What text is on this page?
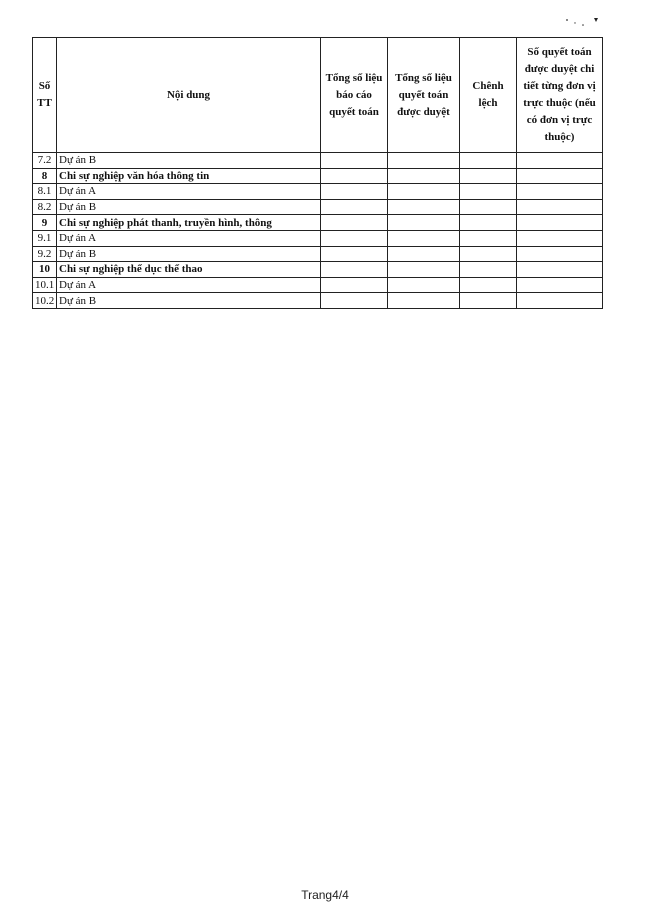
Số TT	Nội dung	Tổng số liệu báo cáo quyết toán	Tổng số liệu quyết toán được duyệt	Chênh lệch	Số quyết toán được duyệt chi tiết từng đơn vị trực thuộc (nếu có đơn vị trực thuộc)
7.2	Dự án B				
8	Chi sự nghiệp văn hóa thông tin				
8.1	Dự án A				
8.2	Dự án B				
9	Chi sự nghiệp phát thanh, truyền hình, thông				
9.1	Dự án A				
9.2	Dự án B				
10	Chi sự nghiệp thể dục thể thao				
10.1	Dự án A				
10.2	Dự án B				
Trang4/4
